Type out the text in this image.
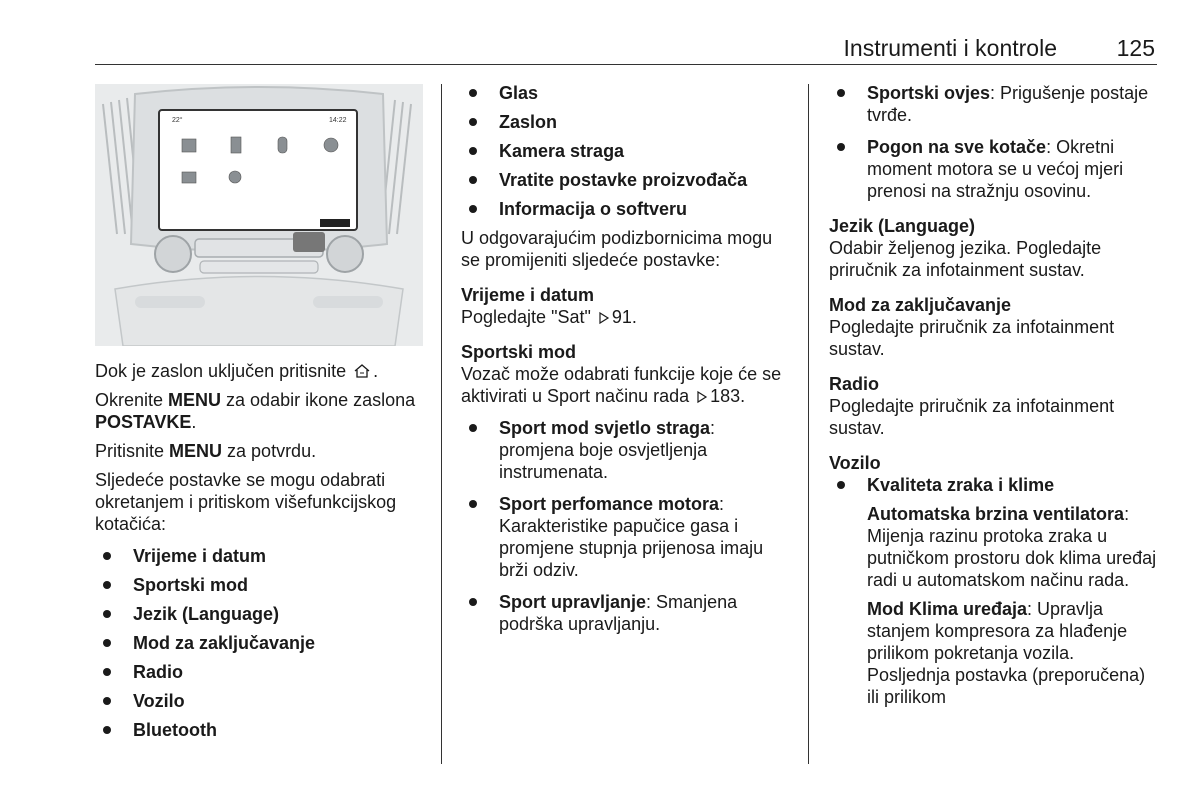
Instrumenti i kontrole	125
22°	14:22

Dok je zaslon uključen pritisnite .

Okrenite MENU za odabir ikone zaslona POSTAVKE.

Pritisnite MENU za potvrdu.

Sljedeće postavke se mogu odabrati okretanjem i pritiskom višefunkcijskog kotačića:

Vrijeme i datum
Sportski mod
Jezik (Language)
Mod za zaključavanje
Radio
Vozilo
Bluetooth
Glas
Zaslon
Kamera straga
Vratite postavke proizvođača
Informacija o softveru

U odgovarajućim podizbornicima mogu se promijeniti sljedeće postavke:

Vrijeme i datum

Pogledajte "Sat" 91.

Sportski mod

Vozač može odabrati funkcije koje će se aktivirati u Sport načinu rada 183.

Sport mod svjetlo straga: promjena boje osvjetljenja instrumenata.
Sport perfomance motora: Karakteristike papučice gasa i promjene stupnja prijenosa imaju brži odziv.
Sport upravljanje: Smanjena podrška upravljanju.
Sportski ovjes: Prigušenje postaje tvrđe.
Pogon na sve kotače: Okretni moment motora se u većoj mjeri prenosi na stražnju osovinu.

Jezik (Language)

Odabir željenog jezika. Pogledajte priručnik za infotainment sustav.

Mod za zaključavanje

Pogledajte priručnik za infotainment sustav.

Radio

Pogledajte priručnik za infotainment sustav.

Vozilo

Kvaliteta zraka i klime

Automatska brzina ventilatora: Mijenja razinu protoka zraka u putničkom prostoru dok klima uređaj radi u automatskom načinu rada.

Mod Klima uređaja: Upravlja stanjem kompresora za hlađenje prilikom pokretanja vozila. Posljednja postavka (preporučena) ili prilikom
